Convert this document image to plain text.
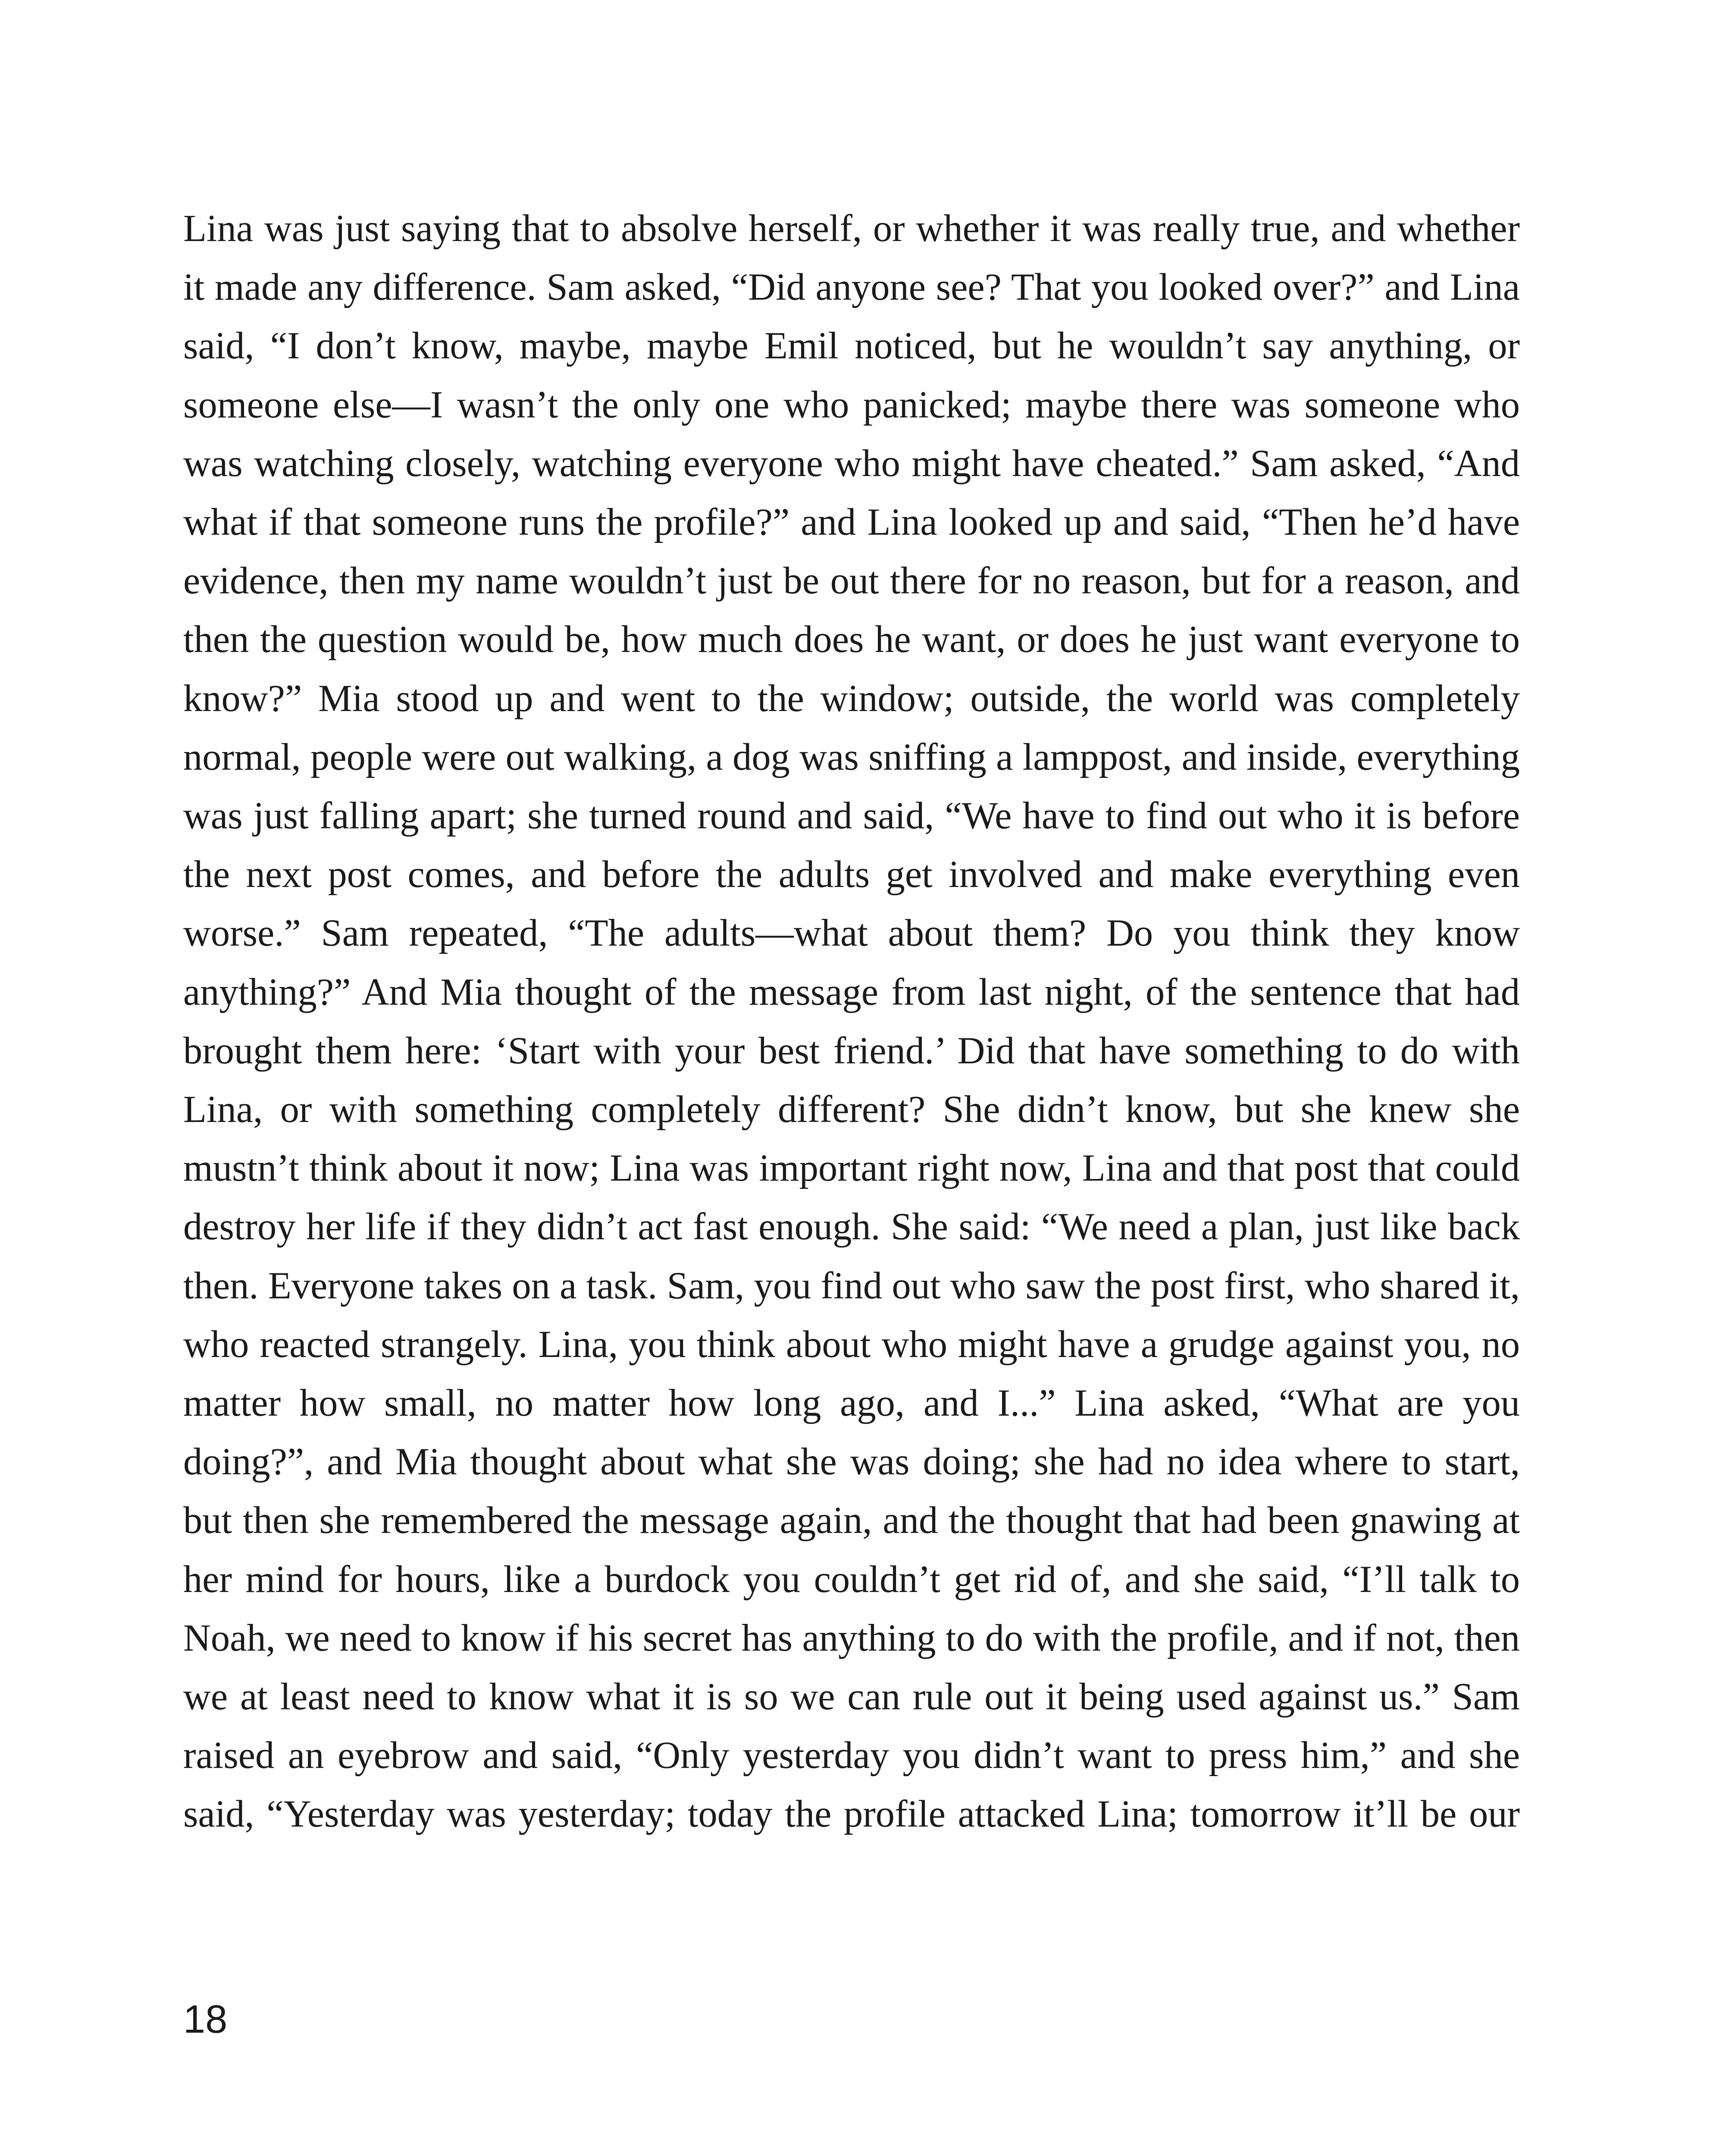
Lina was just saying that to absolve herself, or whether it was really true, and whether it made any difference. Sam asked, “Did anyone see? That you looked over?” and Lina said, “I don’t know, maybe, maybe Emil noticed, but he wouldn’t say anything, or someone else—I wasn’t the only one who panicked; maybe there was someone who was watching closely, watching everyone who might have cheated.” Sam asked, “And what if that someone runs the profile?” and Lina looked up and said, “Then he’d have evidence, then my name wouldn’t just be out there for no reason, but for a reason, and then the question would be, how much does he want, or does he just want everyone to know?” Mia stood up and went to the window; outside, the world was completely normal, people were out walking, a dog was sniffing a lamppost, and inside, everything was just falling apart; she turned round and said, “We have to find out who it is before the next post comes, and before the adults get involved and make everything even worse.” Sam repeated, “The adults—what about them? Do you think they know anything?” And Mia thought of the message from last night, of the sentence that had brought them here: ‘Start with your best friend.’ Did that have something to do with Lina, or with something completely different? She didn’t know, but she knew she mustn’t think about it now; Lina was important right now, Lina and that post that could destroy her life if they didn’t act fast enough. She said: “We need a plan, just like back then. Everyone takes on a task. Sam, you find out who saw the post first, who shared it, who reacted strangely. Lina, you think about who might have a grudge against you, no matter how small, no matter how long ago, and I...” Lina asked, “What are you doing?”, and Mia thought about what she was doing; she had no idea where to start, but then she remembered the message again, and the thought that had been gnawing at her mind for hours, like a burdock you couldn’t get rid of, and she said, “I’ll talk to Noah, we need to know if his secret has anything to do with the profile, and if not, then we at least need to know what it is so we can rule out it being used against us.” Sam raised an eyebrow and said, “Only yesterday you didn’t want to press him,” and she said, “Yesterday was yesterday; today the profile attacked Lina; tomorrow it’ll be our

18
